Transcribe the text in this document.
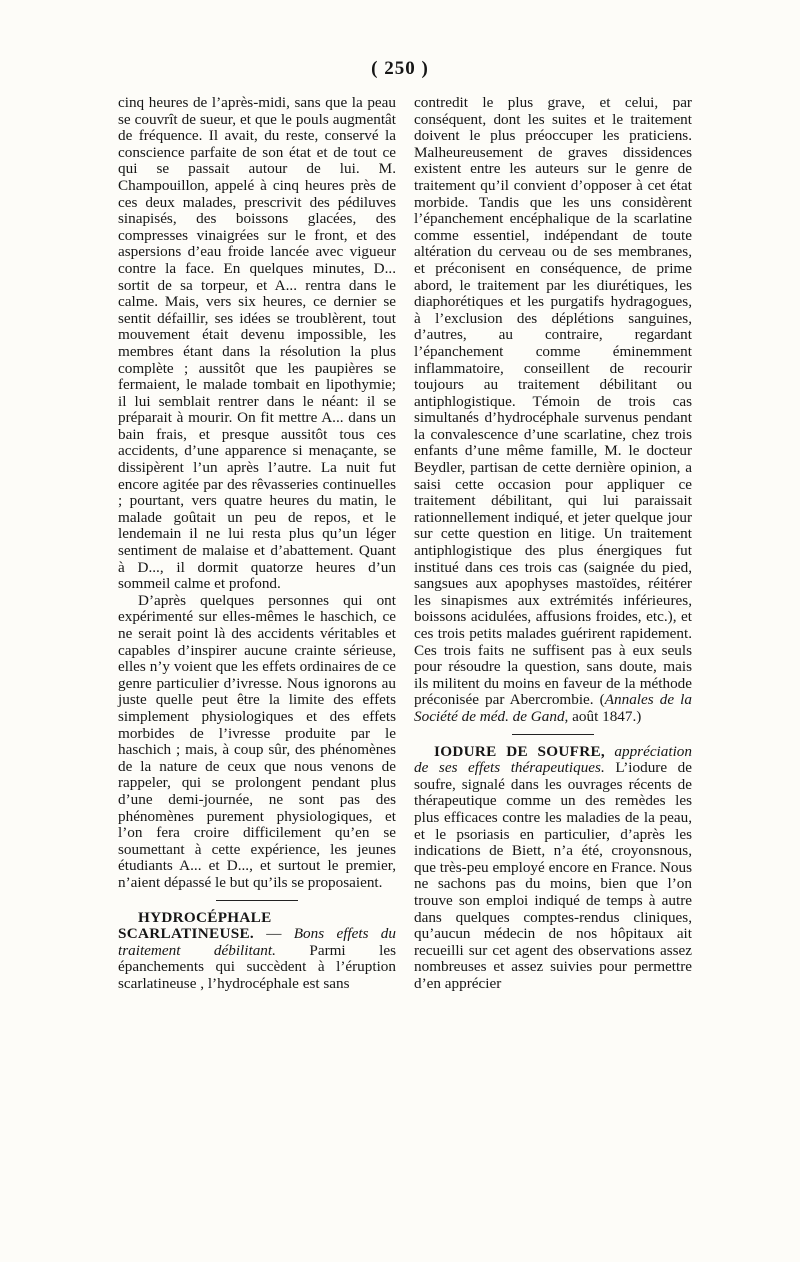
( 250 )

cinq heures de l’après-midi, sans que la peau se couvrît de sueur, et que le pouls augmentât de fréquence. Il avait, du reste, conservé la conscience parfaite de son état et de tout ce qui se passait autour de lui. M. Champouillon, appelé à cinq heures près de ces deux malades, prescrivit des pédiluves sinapisés, des boissons glacées, des compresses vinaigrées sur le front, et des aspersions d’eau froide lancée avec vigueur contre la face. En quelques minutes, D... sortit de sa torpeur, et A... rentra dans le calme. Mais, vers six heures, ce dernier se sentit défaillir, ses idées se troublèrent, tout mouvement était devenu impossible, les membres étant dans la résolution la plus complète ; aussitôt que les paupières se fermaient, le malade tombait en lipothymie; il lui semblait rentrer dans le néant: il se préparait à mourir. On fit mettre A... dans un bain frais, et presque aussitôt tous ces accidents, d’une apparence si menaçante, se dissipèrent l’un après l’autre. La nuit fut encore agitée par des rêvasseries continuelles ; pourtant, vers quatre heures du matin, le malade goûtait un peu de repos, et le lendemain il ne lui resta plus qu’un léger sentiment de malaise et d’abattement. Quant à D..., il dormit quatorze heures d’un sommeil calme et profond.

D’après quelques personnes qui ont expérimenté sur elles-mêmes le haschich, ce ne serait point là des accidents véritables et capables d’inspirer aucune crainte sérieuse, elles n’y voient que les effets ordinaires de ce genre particulier d’ivresse. Nous ignorons au juste quelle peut être la limite des effets simplement physiologiques et des effets morbides de l’ivresse produite par le haschich ; mais, à coup sûr, des phénomènes de la nature de ceux que nous venons de rappeler, qui se prolongent pendant plus d’une demi-journée, ne sont pas des phénomènes purement physiologiques, et l’on fera croire difficilement qu’en se soumettant à cette expérience, les jeunes étudiants A... et D..., et surtout le premier, n’aient dépassé le but qu’ils se proposaient.

HYDROCÉPHALE SCARLATINEUSE. — Bons effets du traitement débilitant. Parmi les épanchements qui succèdent à l’éruption scarlatineuse , l’hydrocéphale est sans

contredit le plus grave, et celui, par conséquent, dont les suites et le traitement doivent le plus préoccuper les praticiens. Malheureusement de graves dissidences existent entre les auteurs sur le genre de traitement qu’il convient d’opposer à cet état morbide. Tandis que les uns considèrent l’épanchement encéphalique de la scarlatine comme essentiel, indépendant de toute altération du cerveau ou de ses membranes, et préconisent en conséquence, de prime abord, le traitement par les diurétiques, les diaphorétiques et les purgatifs hydragogues, à l’exclusion des déplétions sanguines, d’autres, au contraire, regardant l’épanchement comme éminemment inflammatoire, conseillent de recourir toujours au traitement débilitant ou antiphlogistique. Témoin de trois cas simultanés d’hydrocéphale survenus pendant la convalescence d’une scarlatine, chez trois enfants d’une même famille, M. le docteur Beydler, partisan de cette dernière opinion, a saisi cette occasion pour appliquer ce traitement débilitant, qui lui paraissait rationnellement indiqué, et jeter quelque jour sur cette question en litige. Un traitement antiphlogistique des plus énergiques fut institué dans ces trois cas (saignée du pied, sangsues aux apophyses mastoïdes, réitérer les sinapismes aux extrémités inférieures, boissons acidulées, affusions froides, etc.), et ces trois petits malades guérirent rapidement. Ces trois faits ne suffisent pas à eux seuls pour résoudre la question, sans doute, mais ils militent du moins en faveur de la méthode préconisée par Abercrombie. (Annales de la Société de méd. de Gand, août 1847.)

IODURE DE SOUFRE, appréciation de ses effets thérapeutiques. L’iodure de soufre, signalé dans les ouvrages récents de thérapeutique comme un des remèdes les plus efficaces contre les maladies de la peau, et le psoriasis en particulier, d’après les indications de Biett, n’a été, croyonsnous, que très-peu employé encore en France. Nous ne sachons pas du moins, bien que l’on trouve son emploi indiqué de temps à autre dans quelques comptes-rendus cliniques, qu’aucun médecin de nos hôpitaux ait recueilli sur cet agent des observations assez nombreuses et assez suivies pour permettre d’en apprécier
